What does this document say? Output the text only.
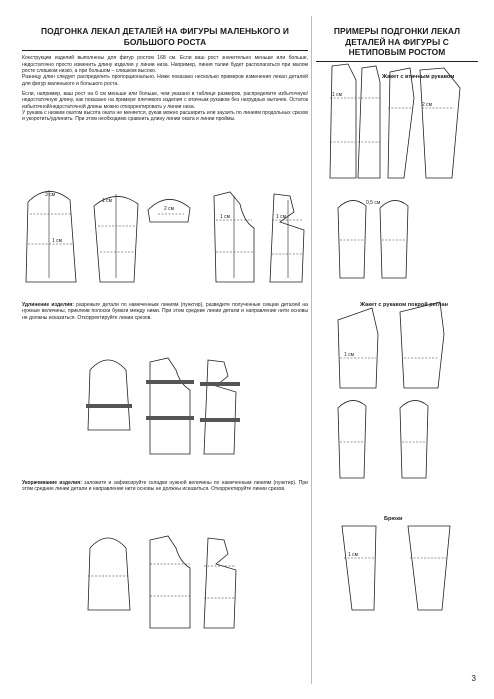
ПОДГОНКА ЛЕКАЛ ДЕТАЛЕЙ НА ФИГУРЫ МАЛЕНЬКОГО И БОЛЬШОГО РОСТА

Конструкции изделий выполнены для фигур ростом 168 см. Если ваш рост значительно меньше или больше, недостаточно просто изменить длину изделия у линии низа. Например, линия талии будет располагаться при малом росте слишком низко, а при большом – слишком высоко.

Разницу длин следует распределить пропорционально. Ниже показано несколько примеров изменения лекал деталей для фигур маленького и большого роста.

Если, например, ваш рост на 6 см меньше или больше, чем указано в таблице размеров, распределите избыточную/недостаточную длину, как показано на примере плечевого изделия с втачным рукавом без нагрудных вытачек. Остаток избыточной/недостаточной длины можно откорректировать у линии низа.

У рукава с низким окатом высота оката не меняется, рукав можно расширить или заузить по линиям продольных срезов и укоротить/удлинить. При этом необходимо сравнить длину линии оката и линии проймы.

3 см
1 см
1 см
2 см
1 см	1 см

Удлинение изделия: разрежьте детали по намеченным линиям (пунктир), разведите полученные секции деталей на нужные величины, приклеив полоски бумаги между ними. При этом средние линии детали и направление нити основы не должны исказиться. Откорректируйте линии срезов.

Укорачивание изделия: заложите и зафиксируйте складки нужной величины по намеченным линиям (пунктир). При этом средние линии детали и направление нити основы не должны исказиться. Откорректируйте линии срезов.

ПРИМЕРЫ ПОДГОНКИ ЛЕКАЛ ДЕТАЛЕЙ НА ФИГУРЫ С НЕТИПОВЫМ РОСТОМ
Жакет с втачным рукавом
Жакет с рукавом покрой реглан
Брюки
1 см
2 см
0,5 см
1 см
1 см
3
